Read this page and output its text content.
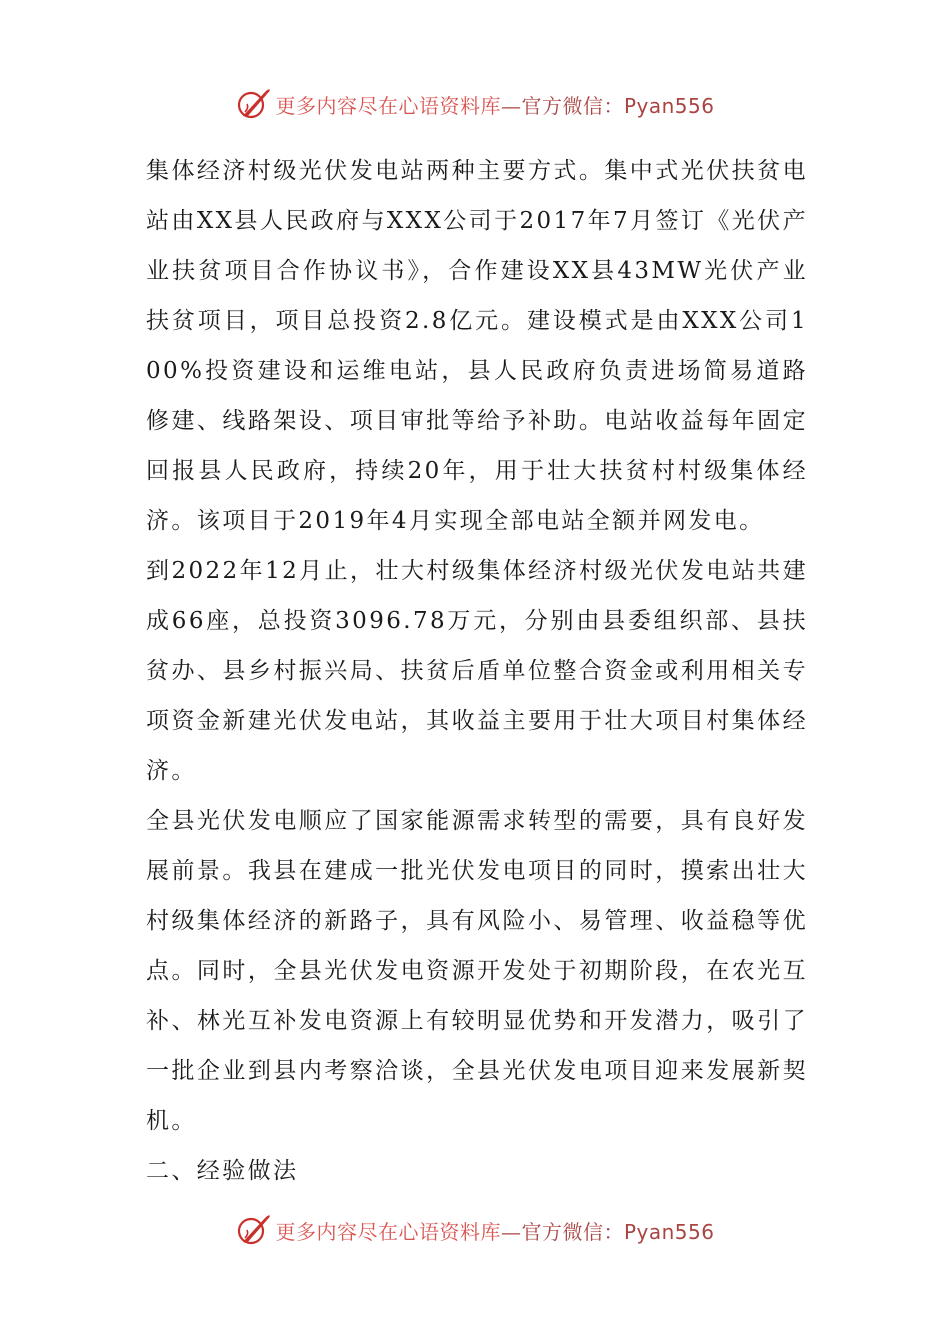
更多内容尽在心语资料库—官方微信：Pyan556

集体经济村级光伏发电站两种主要方式。集中式光伏扶贫电站由XX县人民政府与XXX公司于2017年7月签订《光伏产业扶贫项目合作协议书》，合作建设XX县43MW光伏产业扶贫项目，项目总投资2.8亿元。建设模式是由XXX公司100%投资建设和运维电站，县人民政府负责进场简易道路修建、线路架设、项目审批等给予补助。电站收益每年固定回报县人民政府，持续20年，用于壮大扶贫村村级集体经济。该项目于2019年4月实现全部电站全额并网发电。

到2022年12月止，壮大村级集体经济村级光伏发电站共建成66座，总投资3096.78万元，分别由县委组织部、县扶贫办、县乡村振兴局、扶贫后盾单位整合资金或利用相关专项资金新建光伏发电站，其收益主要用于壮大项目村集体经济。

全县光伏发电顺应了国家能源需求转型的需要，具有良好发展前景。我县在建成一批光伏发电项目的同时，摸索出壮大村级集体经济的新路子，具有风险小、易管理、收益稳等优点。同时，全县光伏发电资源开发处于初期阶段，在农光互补、林光互补发电资源上有较明显优势和开发潜力，吸引了一批企业到县内考察洽谈，全县光伏发电项目迎来发展新契机。

二、经验做法

更多内容尽在心语资料库—官方微信：Pyan556
